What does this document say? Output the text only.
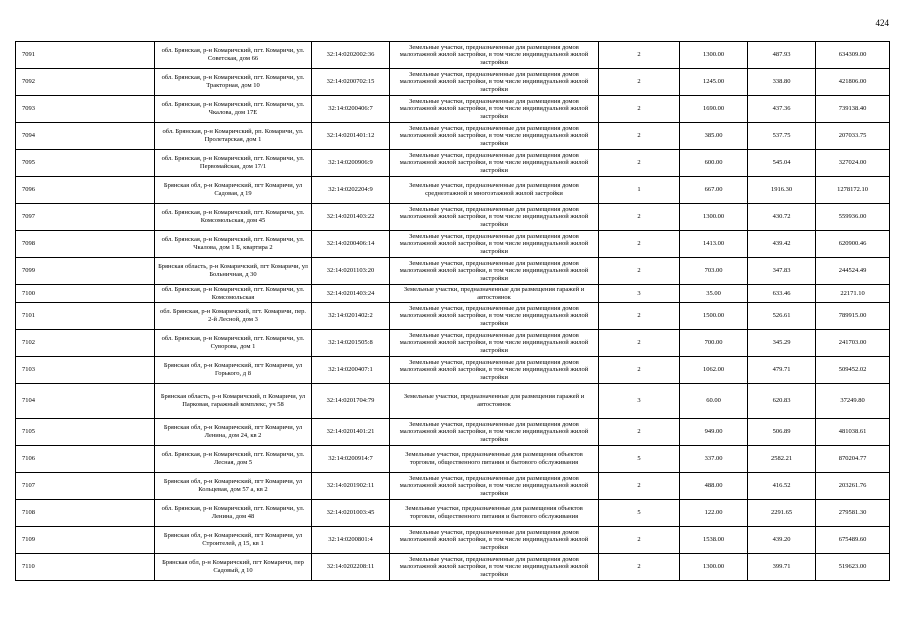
424
7091	обл. Брянская, р-н Комаричский, пгт. Комаричи, ул. Советская, дом 66	32:14:0202002:36	Земельные участки, предназначенные для размещения домов малоэтажной жилой застройки, в том числе индивидуальной жилой застройки	2	1300.00	487.93	634309.00
7092	обл. Брянская, р-н Комаричский, пгт. Комаричи, ул. Тракторная, дом 10	32:14:0200702:15	Земельные участки, предназначенные для размещения домов малоэтажной жилой застройки, в том числе индивидуальной жилой застройки	2	1245.00	338.80	421806.00
7093	обл. Брянская, р-н Комаричский, пгт. Комаричи, ул. Чкалова, дом 17Е	32:14:0200406:7	Земельные участки, предназначенные для размещения домов малоэтажной жилой застройки, в том числе индивидуальной жилой застройки	2	1690.00	437.36	739138.40
7094	обл. Брянская, р-н Комаричский, рп. Комаричи, ул. Пролетарская, дом 1	32:14:0201401:12	Земельные участки, предназначенные для размещения домов малоэтажной жилой застройки, в том числе индивидуальной жилой застройки	2	385.00	537.75	207033.75
7095	обл. Брянская, р-н Комаричский, пгт. Комаричи, ул. Первомайская, дом 17/1	32:14:0200906:9	Земельные участки, предназначенные для размещения домов малоэтажной жилой застройки, в том числе индивидуальной жилой застройки	2	600.00	545.04	327024.00
7096	Брянская обл, р-н Комаричский, пгт Комаричи, ул Садовая, д 19	32:14:0202204:9	Земельные участки, предназначенные для размещения домов среднеэтажной и многоэтажной жилой застройки	1	667.00	1916.30	1278172.10
7097	обл. Брянская, р-н Комаричский, пгт. Комаричи, ул. Комсомольская, дом 45	32:14:0201403:22	Земельные участки, предназначенные для размещения домов малоэтажной жилой застройки, в том числе индивидуальной жилой застройки	2	1300.00	430.72	559936.00
7098	обл. Брянская, р-н Комаричский, пгт. Комаричи, ул. Чкалова, дом 1 Б, квартира 2	32:14:0200406:14	Земельные участки, предназначенные для размещения домов малоэтажной жилой застройки, в том числе индивидуальной жилой застройки	2	1413.00	439.42	620900.46
7099	Брянская область, р-н Комаричский, пгт Комаричи, ул Больничная, д 30	32:14:0201103:20	Земельные участки, предназначенные для размещения домов малоэтажной жилой застройки, в том числе индивидуальной жилой застройки	2	703.00	347.83	244524.49
7100	обл. Брянская, р-н Комаричский, пгт. Комаричи, ул. Комсомольская	32:14:0201403:24	Земельные участки, предназначенные для размещения гаражей и автостоянок	3	35.00	633.46	22171.10
7101	обл. Брянская, р-н Комаричский, пгт. Комаричи, пер. 2-й Лесной, дом 3	32:14:0201402:2	Земельные участки, предназначенные для размещения домов малоэтажной жилой застройки, в том числе индивидуальной жилой застройки	2	1500.00	526.61	789915.00
7102	обл. Брянская, р-н Комаричский, пгт. Комаричи, ул. Суворова, дом 1	32:14:0201505:8	Земельные участки, предназначенные для размещения домов малоэтажной жилой застройки, в том числе индивидуальной жилой застройки	2	700.00	345.29	241703.00
7103	Брянская обл, р-н Комаричский, пгт Комаричи, ул Горького, д 8	32:14:0200407:1	Земельные участки, предназначенные для размещения домов малоэтажной жилой застройки, в том числе индивидуальной жилой застройки	2	1062.00	479.71	509452.02
7104	Брянская область, р-н Комаричский, п Комаричи, ул Парковая, гаражный комплекс, уч 58	32:14:0201704:79	Земельные участки, предназначенные для размещения гаражей и автостоянок	3	60.00	620.83	37249.80
7105	Брянская обл, р-н Комаричский, пгт Комаричи, ул Ленина, дом 24, кв 2	32:14:0201401:21	Земельные участки, предназначенные для размещения домов малоэтажной жилой застройки, в том числе индивидуальной жилой застройки	2	949.00	506.89	481038.61
7106	обл. Брянская, р-н Комаричский, пгт. Комаричи, ул. Лесная, дом 5	32:14:0200914:7	Земельные участки, предназначенные для размещения объектов торговли, общественного питания и бытового обслуживания	5	337.00	2582.21	870204.77
7107	Брянская обл, р-н Комаричский, пгт Комаричи, ул Кольцевая, дом 57 а, кв 2	32:14:0201902:11	Земельные участки, предназначенные для размещения домов малоэтажной жилой застройки, в том числе индивидуальной жилой застройки	2	488.00	416.52	203261.76
7108	обл. Брянская, р-н Комаричский, пгт. Комаричи, ул. Ленина, дом 48	32:14:0201003:45	Земельные участки, предназначенные для размещения объектов торговли, общественного питания и бытового обслуживания	5	122.00	2291.65	279581.30
7109	Брянская обл, р-н Комаричский, пгт Комаричи, ул Строителей, д 15, кв 1	32:14:0200801:4	Земельные участки, предназначенные для размещения домов малоэтажной жилой застройки, в том числе индивидуальной жилой застройки	2	1538.00	439.20	675489.60
7110	Брянская обл, р-н Комаричский, пгт Комаричи, пер Садовый, д 10	32:14:0202208:11	Земельные участки, предназначенные для размещения домов малоэтажной жилой застройки, в том числе индивидуальной жилой застройки	2	1300.00	399.71	519623.00
